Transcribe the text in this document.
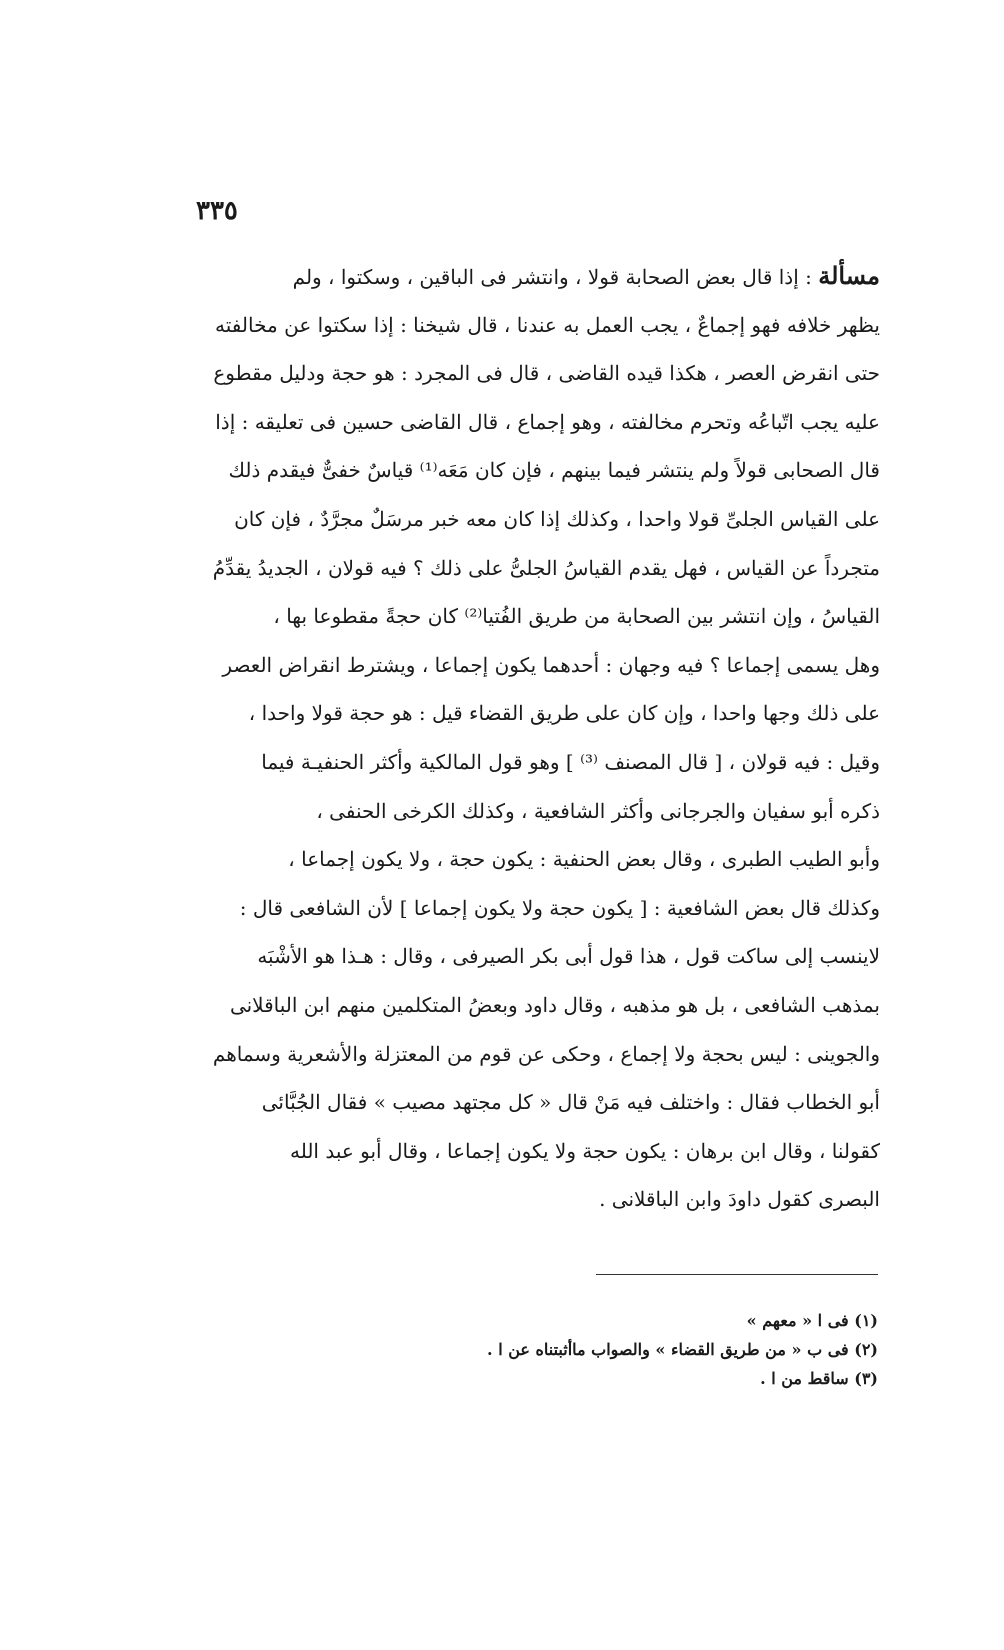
٣٣٥
مسألة : إذا قال بعض الصحابة قولا ، وانتشر فى الباقين ، وسكتوا ، ولم
يظهر خلافه فهو إجماعٌ ، يجب العمل به عندنا ، قال شيخنا : إذا سكتوا عن مخالفته
حتى انقرض العصر ، هكذا قيده القاضى ، قال فى المجرد : هو حجة ودليل مقطوع
عليه يجب اتّباعُه وتحرم مخالفته ، وهو إجماع ، قال القاضى حسين فى تعليقه : إذا
قال الصحابى قولاً ولم ينتشر فيما بينهم ، فإن كان مَعَه⁽¹⁾ قياسٌ خفىٌّ فيقدم ذلك
على القياس الجلىِّ قولا واحدا ، وكذلك إذا كان معه خبر مرسَلٌ مجرَّدٌ ، فإن كان
متجرداً عن القياس ، فهل يقدم القياسُ الجلىُّ على ذلك ؟ فيه قولان ، الجديدُ يقدِّمُ
القياسُ ، وإن انتشر بين الصحابة من طريق الفُتيا⁽²⁾ كان حجةً مقطوعا بها ،
وهل يسمى إجماعا ؟ فيه وجهان : أحدهما يكون إجماعا ، ويشترط انقراض العصر
على ذلك وجها واحدا ، وإن كان على طريق القضاء قيل : هو حجة قولا واحدا ،
وقيل : فيه قولان ، [ قال المصنف ⁽³⁾ ] وهو قول المالكية وأكثر الحنفيـة فيما
ذكره أبو سفيان والجرجانى وأكثر الشافعية ، وكذلك الكرخى الحنفى ،
وأبو الطيب الطبرى ، وقال بعض الحنفية : يكون حجة ، ولا يكون إجماعا ،
وكذلك قال بعض الشافعية : [ يكون حجة ولا يكون إجماعا ] لأن الشافعى قال :
لاينسب إلى ساكت قول ، هذا قول أبى بكر الصيرفى ، وقال : هـذا هو الأشْبَه
بمذهب الشافعى ، بل هو مذهبه ، وقال داود وبعضُ المتكلمين منهم ابن الباقلانى
والجوينى : ليس بحجة ولا إجماع ، وحكى عن قوم من المعتزلة والأشعرية وسماهم
أبو الخطاب فقال : واختلف فيه مَنْ قال « كل مجتهد مصيب » فقال الجُبَّائى
كقولنا ، وقال ابن برهان : يكون حجة ولا يكون إجماعا ، وقال أبو عبد الله
البصرى كقول داودَ وابن الباقلانى .
(١) فى ا « معهم »
(٢) فى ب « من طريق القضاء » والصواب ماأثبتناه عن ا .
(٣) ساقط من ا .
